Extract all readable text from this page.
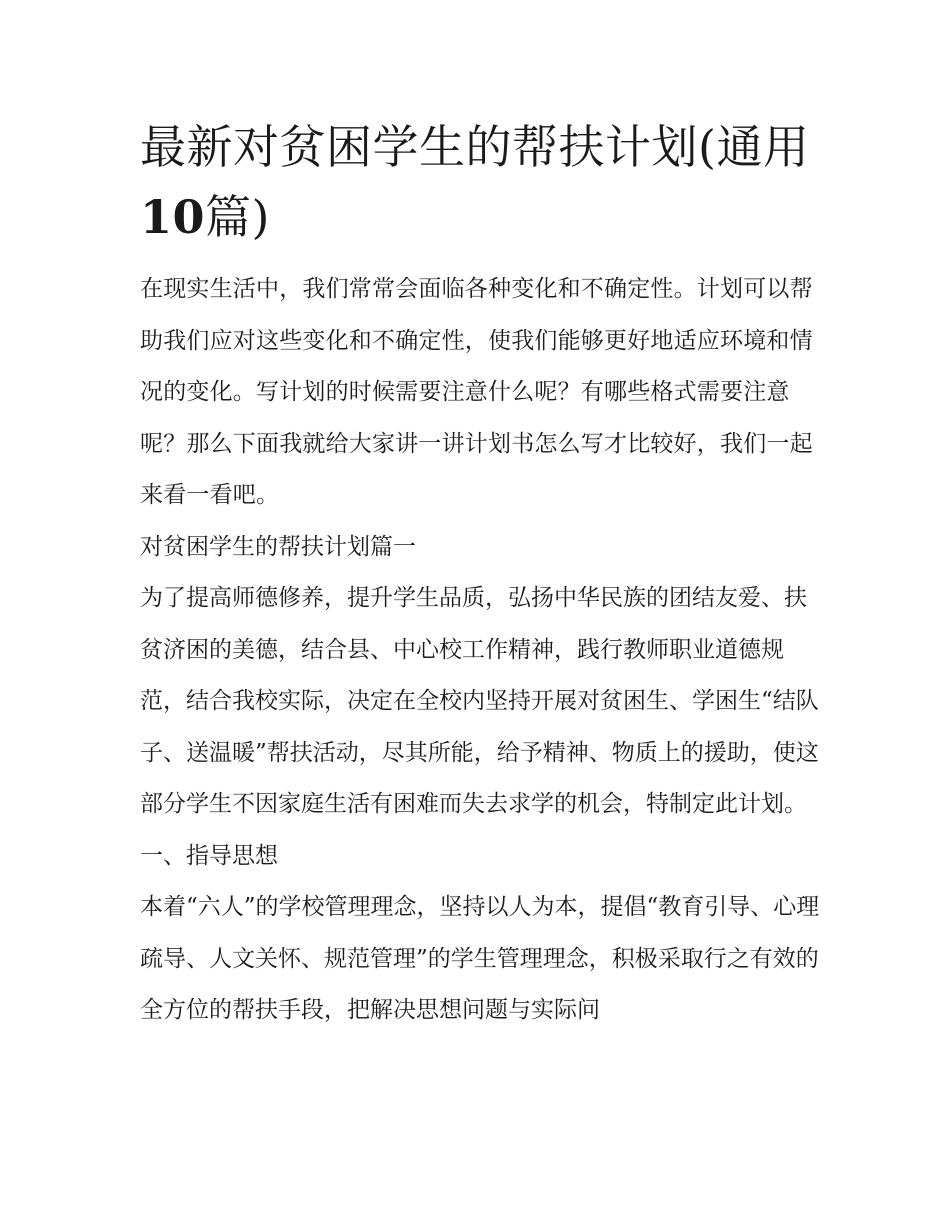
最新对贫困学生的帮扶计划(通用
10篇)

在现实生活中，我们常常会面临各种变化和不确定性。计划可以帮助我们应对这些变化和不确定性，使我们能够更好地适应环境和情况的变化。写计划的时候需要注意什么呢？有哪些格式需要注意呢？那么下面我就给大家讲一讲计划书怎么写才比较好，我们一起来看一看吧。

对贫困学生的帮扶计划篇一

为了提高师德修养，提升学生品质，弘扬中华民族的团结友爱、扶贫济困的美德，结合县、中心校工作精神，践行教师职业道德规范，结合我校实际，决定在全校内坚持开展对贫困生、学困生“结队子、送温暖”帮扶活动，尽其所能，给予精神、物质上的援助，使这部分学生不因家庭生活有困难而失去求学的机会，特制定此计划。

一、指导思想

本着“六人”的学校管理理念，坚持以人为本，提倡“教育引导、心理疏导、人文关怀、规范管理”的学生管理理念，积极采取行之有效的全方位的帮扶手段，把解决思想问题与实际问
